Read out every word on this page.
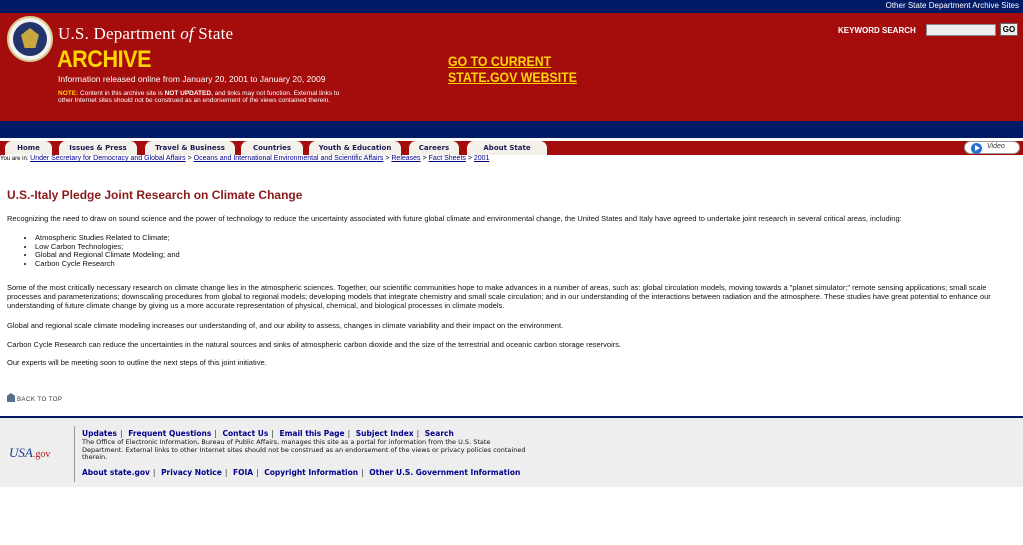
Other State Department Archive Sites
U.S. Department of State
ARCHIVE
Information released online from January 20, 2001 to January 20, 2009
NOTE: Content in this archive site is NOT UPDATED, and links may not function. External links to other Internet sites should not be construed as an endorsement of the views contained therein.
GO TO CURRENT
STATE.GOV WEBSITE
KEYWORD SEARCH	GO
Home	Issues & Press	Travel & Business	Countries	Youth & Education	Careers	About State	Video
You are in: Under Secretary for Democracy and Global Affairs > Oceans and International Environmental and Scientific Affairs > Releases > Fact Sheets > 2001
U.S.-Italy Pledge Joint Research on Climate Change

Recognizing the need to draw on sound science and the power of technology to reduce the uncertainty associated with future global climate and environmental change, the United States and Italy have agreed to undertake joint research in several critical areas, including:

• Atmospheric Studies Related to Climate;
• Low Carbon Technologies;
• Global and Regional Climate Modeling; and
• Carbon Cycle Research

Some of the most critically necessary research on climate change lies in the atmospheric sciences. Together, our scientific communities hope to make advances in a number of areas, such as: global circulation models, moving towards a "planet simulator;" remote sensing applications; small scale processes and parameterizations; downscaling procedures from global to regional models; developing models that integrate chemistry and small scale circulation; and in our understanding of the interactions between radiation and the atmosphere. These studies have great potential to enhance our understanding of future climate change by giving us a more accurate representation of physical, chemical, and biological processes in climate models.

Global and regional scale climate modeling increases our understanding of, and our ability to assess, changes in climate variability and their impact on the environment.

Carbon Cycle Research can reduce the uncertainties in the natural sources and sinks of atmospheric carbon dioxide and the size of the terrestrial and oceanic carbon storage reservoirs.

Our experts will be meeting soon to outline the next steps of this joint initiative.

BACK TO TOP
USA.gov
Updates | Frequent Questions | Contact Us | Email this Page | Subject Index | Search
The Office of Electronic Information, Bureau of Public Affairs, manages this site as a portal for information from the U.S. State Department. External links to other Internet sites should not be construed as an endorsement of the views or privacy policies contained therein.
About state.gov | Privacy Notice | FOIA | Copyright Information | Other U.S. Government Information
